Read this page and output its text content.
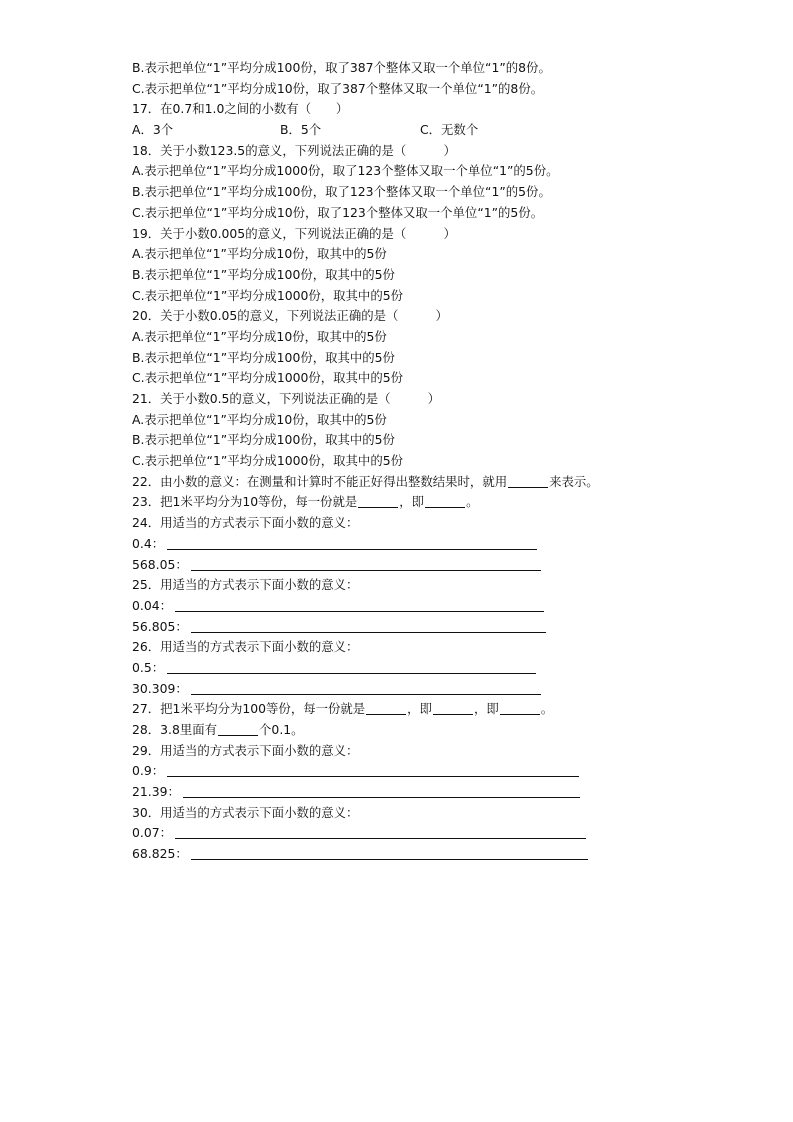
B.表示把单位“1”平均分成100份，取了387个整体又取一个单位“1”的8份。
C.表示把单位“1”平均分成10份，取了387个整体又取一个单位“1”的8份。
17．在0.7和1.0之间的小数有（　　）
A．3个	B．5个	C．无数个
18．关于小数123.5的意义，下列说法正确的是（　　　）
A.表示把单位“1”平均分成1000份，取了123个整体又取一个单位“1”的5份。
B.表示把单位“1”平均分成100份，取了123个整体又取一个单位“1”的5份。
C.表示把单位“1”平均分成10份，取了123个整体又取一个单位“1”的5份。
19．关于小数0.005的意义，下列说法正确的是（　　　）
A.表示把单位“1”平均分成10份，取其中的5份
B.表示把单位“1”平均分成100份，取其中的5份
C.表示把单位“1”平均分成1000份，取其中的5份
20．关于小数0.05的意义，下列说法正确的是（　　　）
A.表示把单位“1”平均分成10份，取其中的5份
B.表示把单位“1”平均分成100份，取其中的5份
C.表示把单位“1”平均分成1000份，取其中的5份
21．关于小数0.5的意义，下列说法正确的是（　　　）
A.表示把单位“1”平均分成10份，取其中的5份
B.表示把单位“1”平均分成100份，取其中的5份
C.表示把单位“1”平均分成1000份，取其中的5份
22．由小数的意义：在测量和计算时不能正好得出整数结果时，就用	来表示。
23．把1米平均分为10等份，每一份就是	，即	。
24．用适当的方式表示下面小数的意义：
0.4：
568.05：
25．用适当的方式表示下面小数的意义：
0.04：
56.805：
26．用适当的方式表示下面小数的意义：
0.5：
30.309：
27．把1米平均分为100等份，每一份就是	，即	，即	。
28．3.8里面有	个0.1。
29．用适当的方式表示下面小数的意义：
0.9：
21.39：
30．用适当的方式表示下面小数的意义：
0.07：
68.825：
